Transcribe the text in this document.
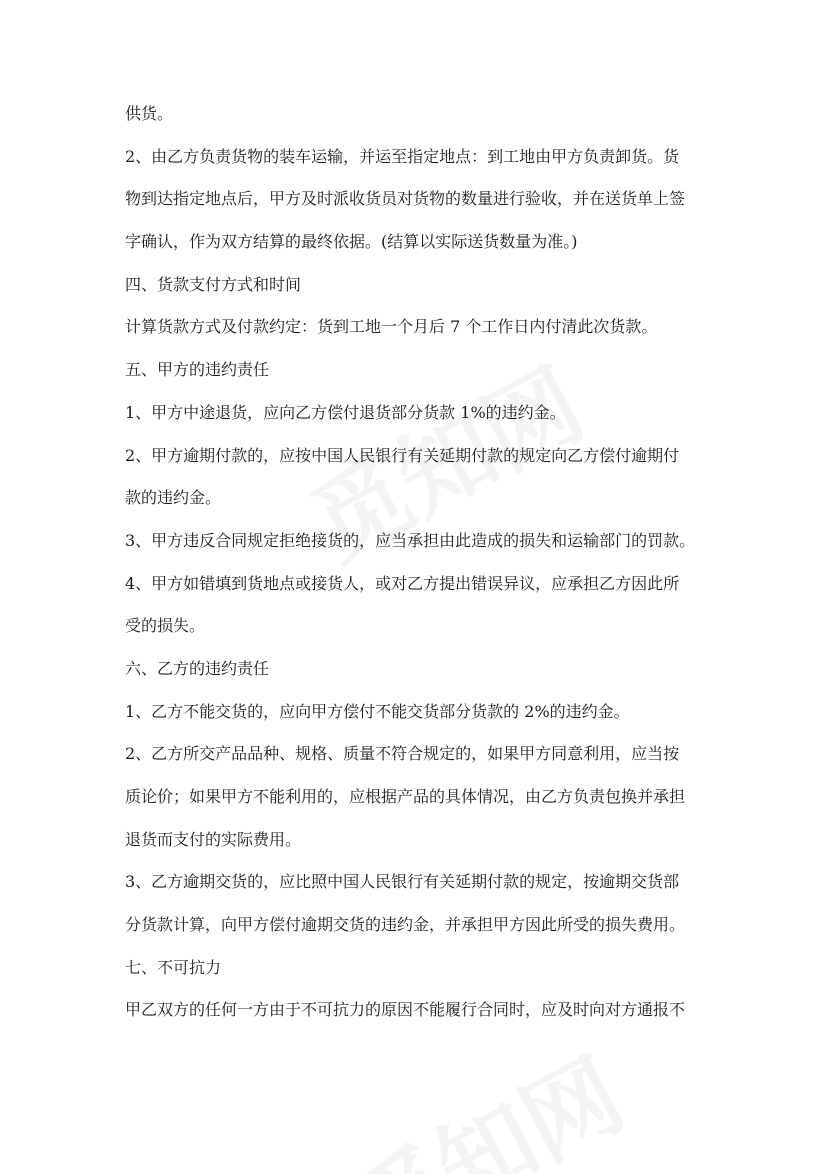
供货。
2、由乙方负责货物的装车运输，并运至指定地点：到工地由甲方负责卸货。货
物到达指定地点后，甲方及时派收货员对货物的数量进行验收，并在送货单上签
字确认，作为双方结算的最终依据。(结算以实际送货数量为准。)
四、货款支付方式和时间
计算货款方式及付款约定：货到工地一个月后 7 个工作日内付清此次货款。
五、甲方的违约责任
1、甲方中途退货，应向乙方偿付退货部分货款 1%的违约金。
2、甲方逾期付款的，应按中国人民银行有关延期付款的规定向乙方偿付逾期付
款的违约金。
3、甲方违反合同规定拒绝接货的，应当承担由此造成的损失和运输部门的罚款。
4、甲方如错填到货地点或接货人，或对乙方提出错误异议，应承担乙方因此所
受的损失。
六、乙方的违约责任
1、乙方不能交货的，应向甲方偿付不能交货部分货款的 2%的违约金。
2、乙方所交产品品种、规格、质量不符合规定的，如果甲方同意利用，应当按
质论价；如果甲方不能利用的，应根据产品的具体情况，由乙方负责包换并承担
退货而支付的实际费用。
3、乙方逾期交货的，应比照中国人民银行有关延期付款的规定，按逾期交货部
分货款计算，向甲方偿付逾期交货的违约金，并承担甲方因此所受的损失费用。
七、不可抗力
甲乙双方的任何一方由于不可抗力的原因不能履行合同时，应及时向对方通报不
